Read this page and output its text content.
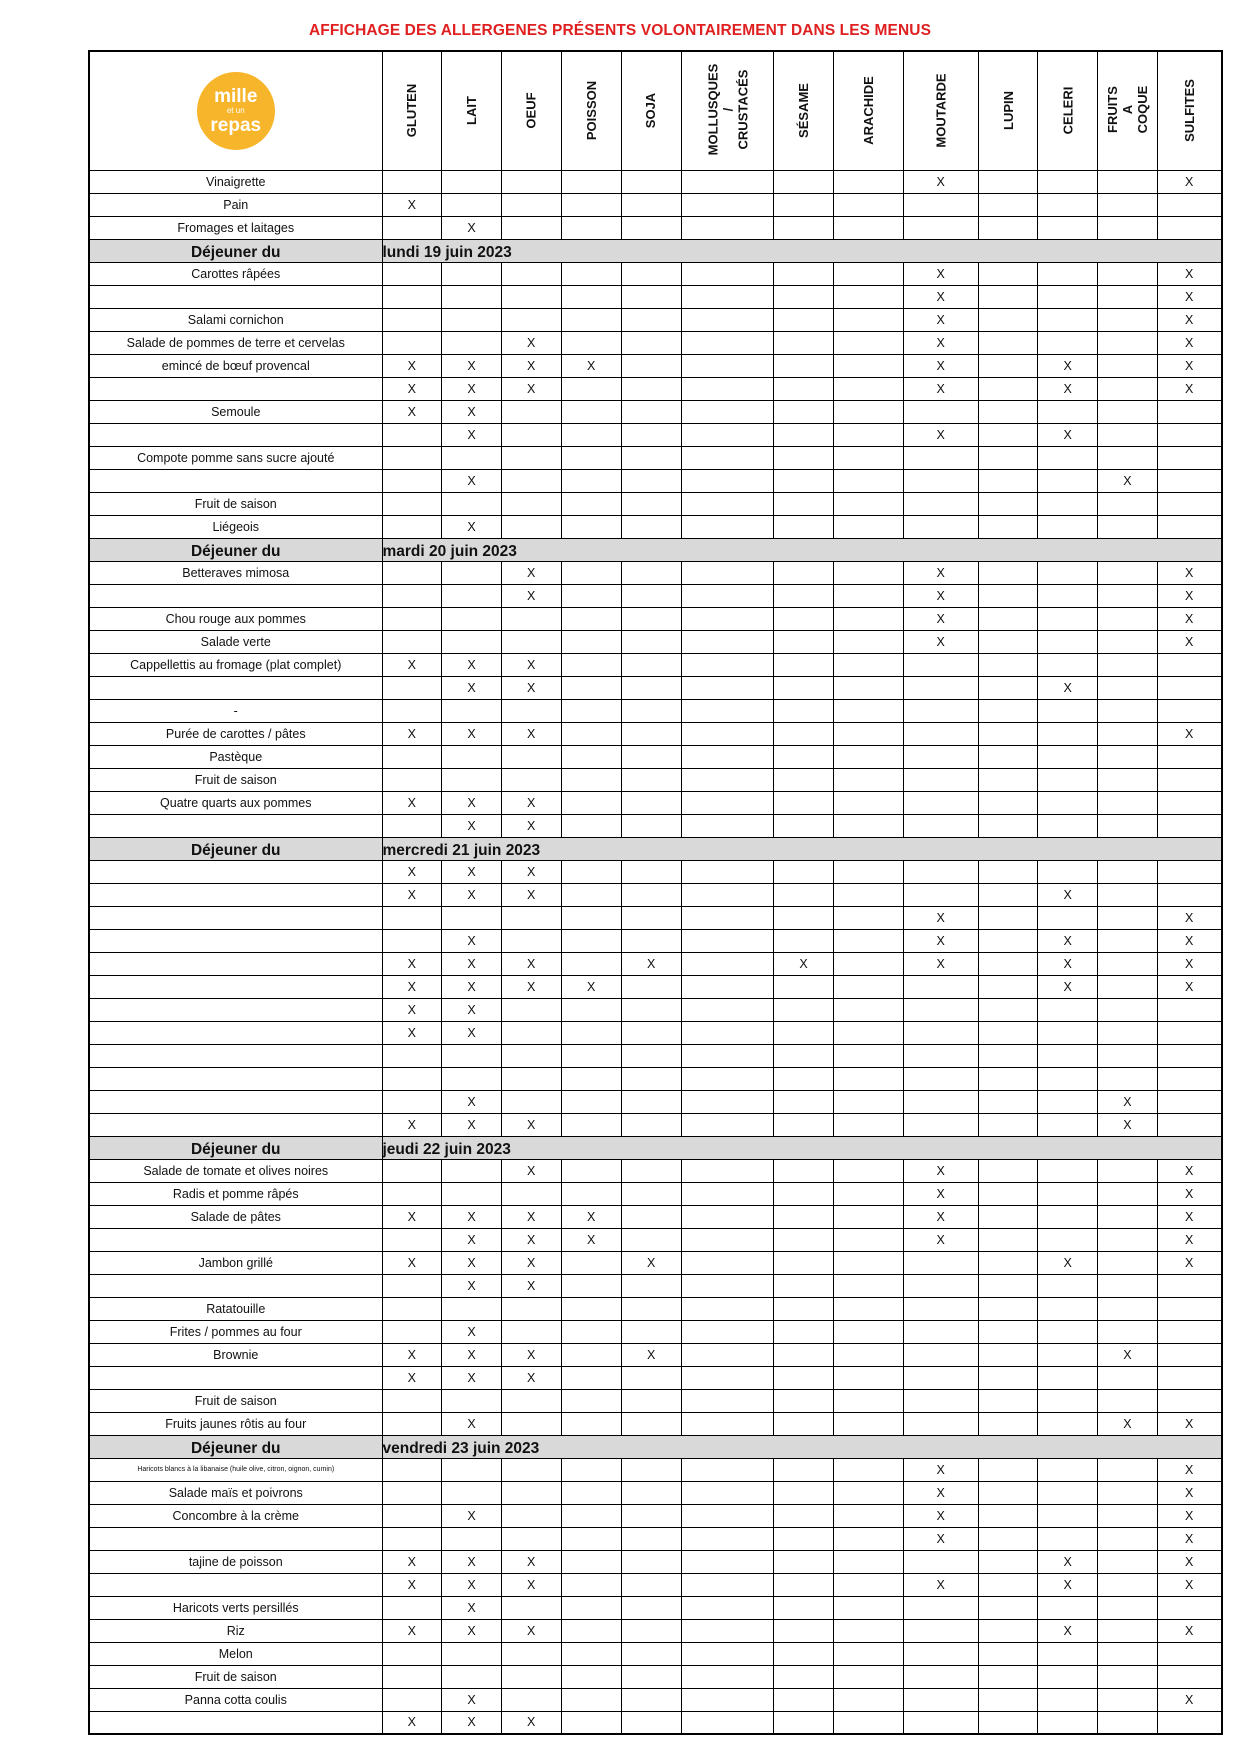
AFFICHAGE DES ALLERGENES PRÉSENTS VOLONTAIREMENT DANS LES MENUS
mille
et un
repas	GLUTEN	LAIT	OEUF	POISSON	SOJA	MOLLUSQUES /
CRUSTACÉS	SÉSAME	ARACHIDE	MOUTARDE	LUPIN	CELERI	FRUITS A
COQUE	SULFITES
Vinaigrette									X				X
Pain	X												
Fromages et laitages		X											
Déjeuner du	lundi 19 juin 2023												
Carottes râpées									X				X
									X				X
Salami cornichon									X				X
Salade de pommes de terre et cervelas			X						X				X
emincé de bœuf provencal	X	X	X	X					X		X		X
	X	X	X						X		X		X
Semoule	X	X											
		X							X		X		
Compote pomme sans sucre ajouté													
		X										X	
Fruit de saison													
Liégeois		X											
Déjeuner du	mardi 20 juin 2023												
Betteraves mimosa			X						X				X
			X						X				X
Chou rouge aux pommes									X				X
Salade verte									X				X
Cappellettis au fromage (plat complet)	X	X	X										
		X	X								X		
-													
Purée de carottes / pâtes	X	X	X										X
Pastèque													
Fruit de saison													
Quatre quarts aux pommes	X	X	X										
		X	X										
Déjeuner du	mercredi 21 juin 2023												
	X	X	X										
	X	X	X								X		
									X				X
		X							X		X		X
	X	X	X		X		X		X		X		X
	X	X	X	X							X		X
	X	X											
	X	X											

		X										X	
	X	X	X									X	
Déjeuner du	jeudi 22 juin 2023												
Salade de tomate et olives noires			X						X				X
Radis et pomme râpés									X				X
Salade de pâtes	X	X	X	X					X				X
		X	X	X					X				X
Jambon grillé	X	X	X		X						X		X
		X	X										
Ratatouille													
Frites / pommes au four		X											
Brownie	X	X	X		X							X	
	X	X	X										
Fruit de saison													
Fruits jaunes rôtis au four		X										X	X
Déjeuner du	vendredi 23 juin 2023												
Haricots blancs à la libanaise (huile olive, citron, oignon, cumin)									X				X
Salade maïs et poivrons									X				X
Concombre à la crème		X							X				X
									X				X
tajine de poisson	X	X	X								X		X
	X	X	X						X		X		X
Haricots verts persillés		X											
Riz	X	X	X								X		X
Melon													
Fruit de saison													
Panna cotta coulis		X											X
	X	X	X										
